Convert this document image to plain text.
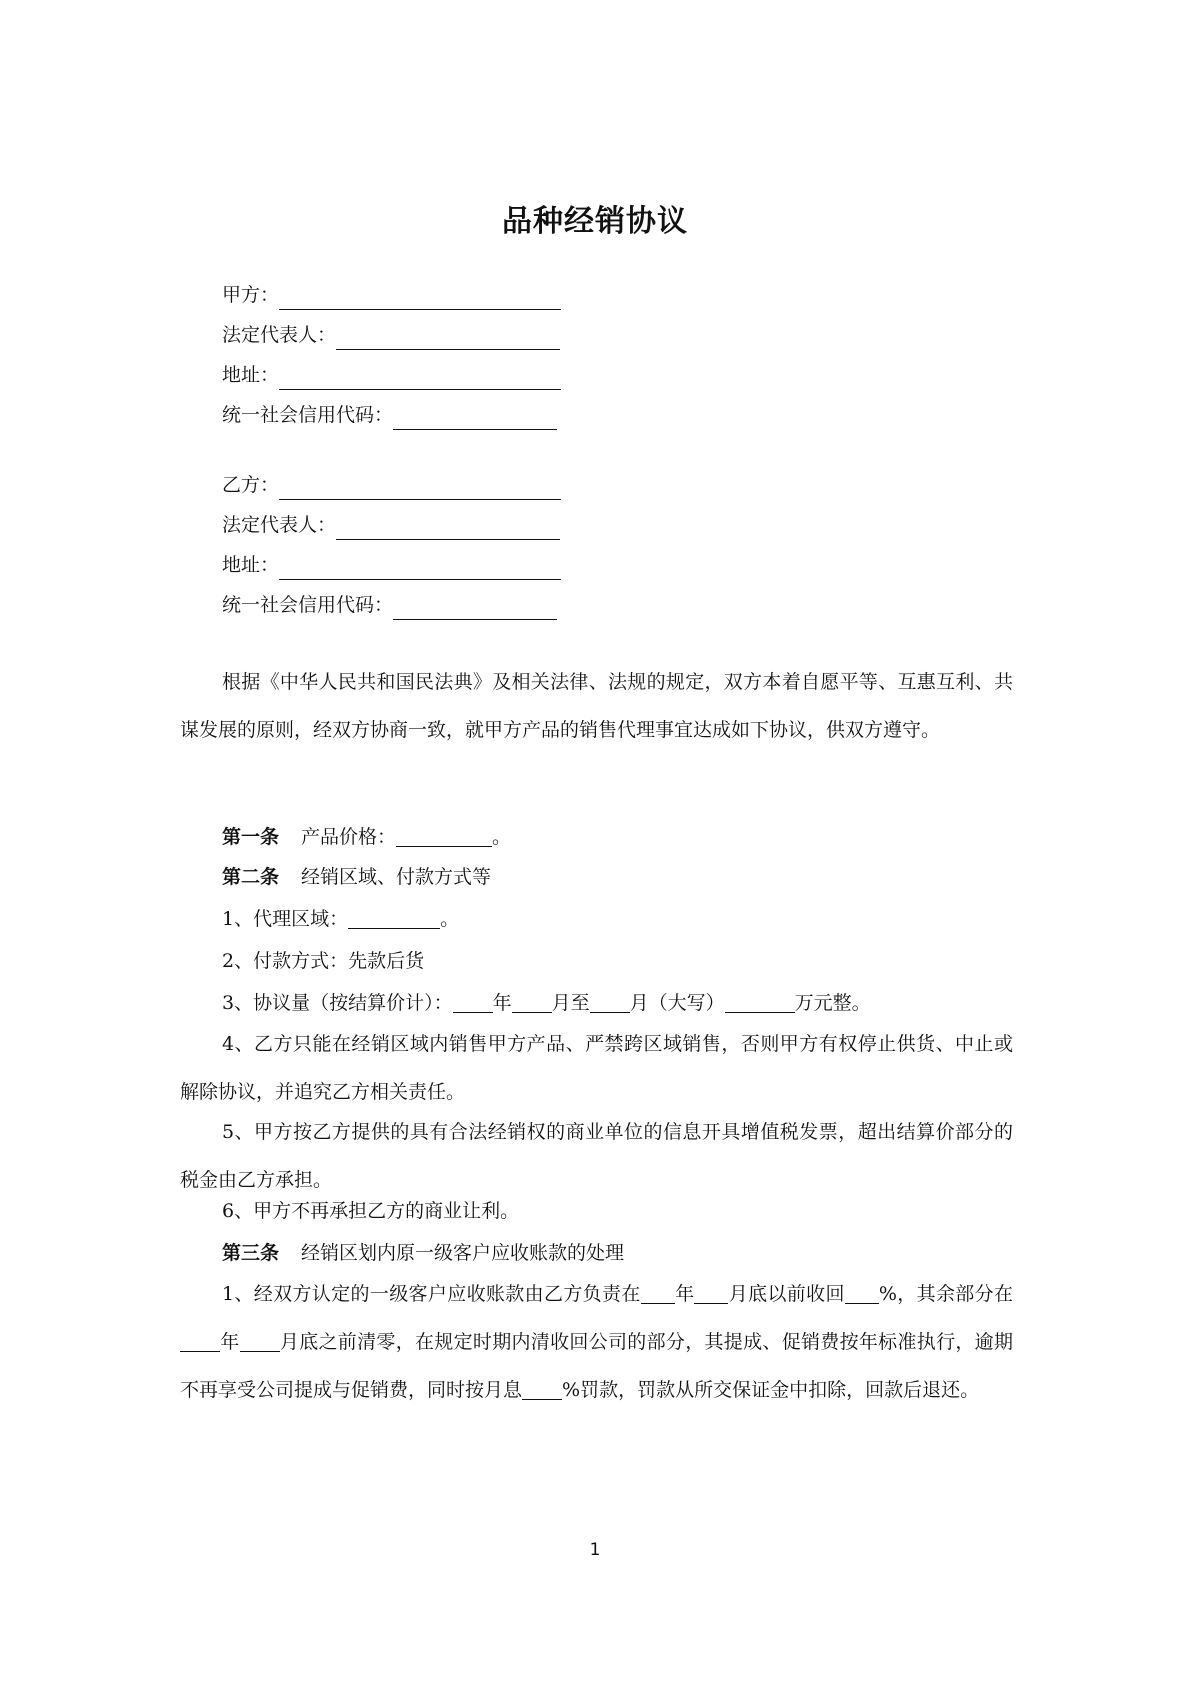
品种经销协议
甲方：
法定代表人：
地址：
统一社会信用代码：
乙方：
法定代表人：
地址：
统一社会信用代码：

根据《中华人民共和国民法典》及相关法律、法规的规定，双方本着自愿平等、互惠互利、共谋发展的原则，经双方协商一致，就甲方产品的销售代理事宜达成如下协议，供双方遵守。

第一条 产品价格：	。
第二条 经销区域、付款方式等
1、代理区域：	。
2、付款方式：先款后货
3、协议量（按结算价计）： 年 月至 月（大写）	万元整。

4、乙方只能在经销区域内销售甲方产品、严禁跨区域销售，否则甲方有权停止供货、中止或解除协议，并追究乙方相关责任。

5、甲方按乙方提供的具有合法经销权的商业单位的信息开具增值税发票，超出结算价部分的税金由乙方承担。

6、甲方不再承担乙方的商业让利。
第三条 经销区划内原一级客户应收账款的处理

1、经双方认定的一级客户应收账款由乙方负责在 年 月底以前收回 %，其余部分在年 月底之前清零，在规定时期内清收回公司的部分，其提成、促销费按年标准执行，逾期不再享受公司提成与促销费，同时按月息 %罚款，罚款从所交保证金中扣除，回款后退还。

1
